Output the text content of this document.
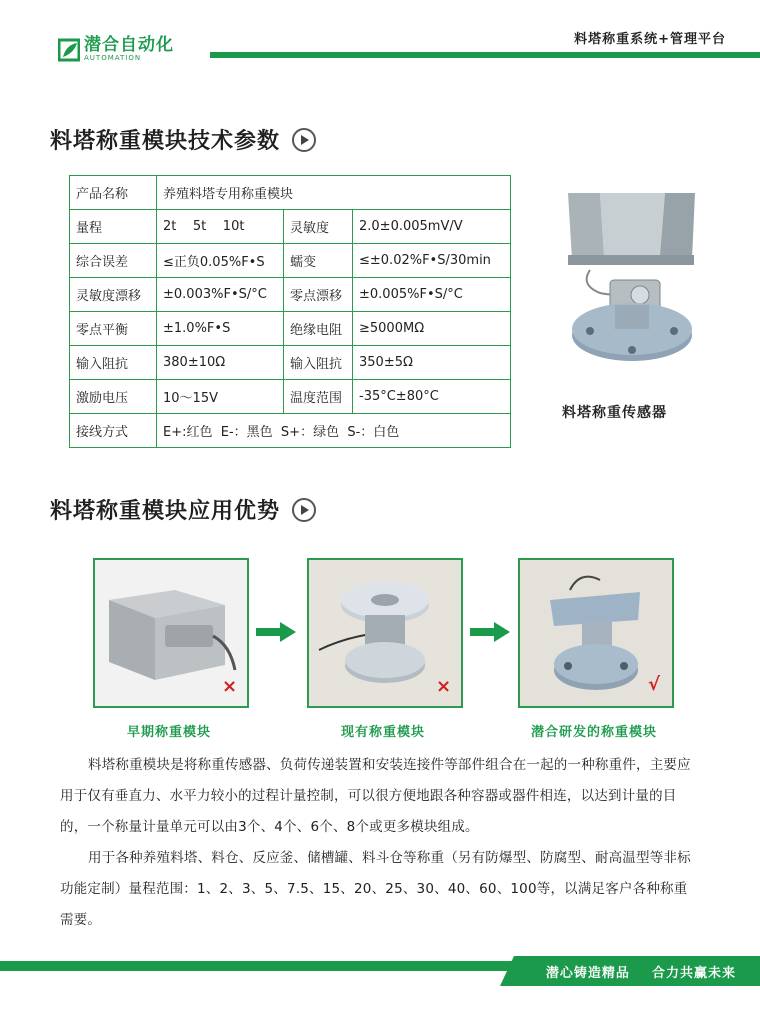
潜合自动化
AUTOMATION
料塔称重系统+管理平台
料塔称重模块技术参数
产品名称	养殖料塔专用称重模块		
量程	2t    5t    10t	灵敏度	2.0±0.005mV/V
综合误差	≤正负0.05%F•S	蠕变	≤±0.02%F•S/30min
灵敏度漂移	±0.003%F•S/°C	零点漂移	±0.005%F•S/°C
零点平衡	±1.0%F•S	绝缘电阻	≥5000MΩ
输入阻抗	380±10Ω	输入阻抗	350±5Ω
激励电压	10～15V	温度范围	-35°C±80°C
接线方式	E+:红色  E-：黑色  S+：绿色  S-：白色		
料塔称重传感器
料塔称重模块应用优势
×
早期称重模块
×
现有称重模块
√
潜合研发的称重模块
料塔称重模块是将称重传感器、负荷传递装置和安装连接件等部件组合在一起的一种称重件，主要应用于仅有垂直力、水平力较小的过程计量控制，可以很方便地跟各种容器或器件相连，以达到计量的目的，一个称量计量单元可以由3个、4个、6个、8个或更多模块组成。
用于各种养殖料塔、料仓、反应釜、储槽罐、料斗仓等称重（另有防爆型、防腐型、耐高温型等非标功能定制）量程范围：1、2、3、5、7.5、15、20、25、30、40、60、100等，以满足客户各种称重需要。
潜心铸造精品    合力共赢未来
